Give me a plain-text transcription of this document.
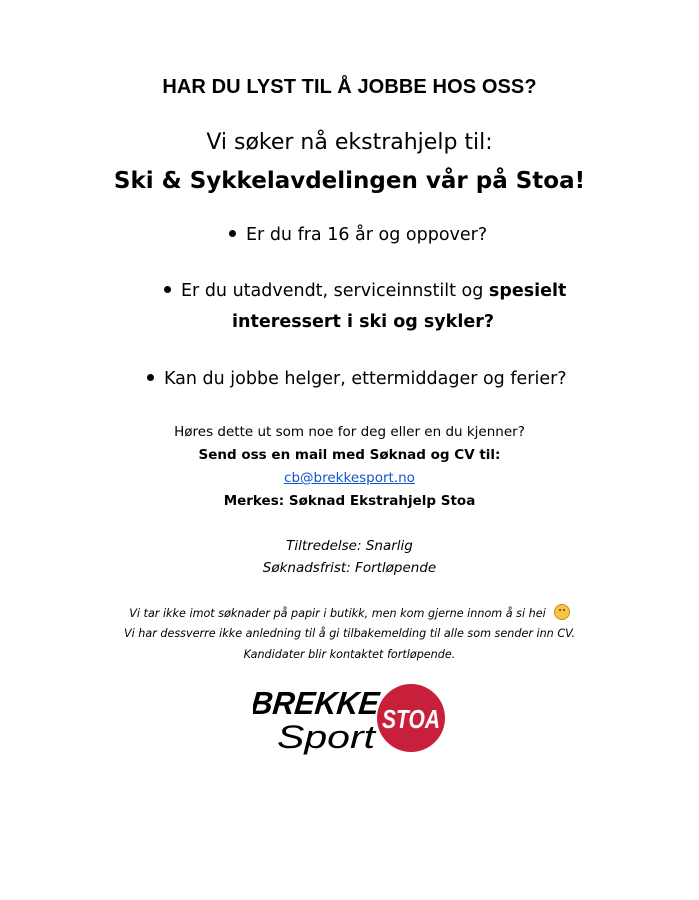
HAR DU LYST TIL Å JOBBE HOS OSS?
Vi søker nå ekstrahjelp til:
Ski & Sykkelavdelingen vår på Stoa!
Er du fra 16 år og oppover?
Er du utadvendt, serviceinnstilt og spesielt
interessert i ski og sykler?
Kan du jobbe helger, ettermiddager og ferier?
Høres dette ut som noe for deg eller en du kjenner?
Send oss en mail med Søknad og CV til:
cb@brekkesport.no
Merkes: Søknad Ekstrahjelp Stoa
Tiltredelse: Snarlig
Søknadsfrist: Fortløpende
Vi tar ikke imot søknader på papir i butikk, men kom gjerne innom å si hei
Vi har dessverre ikke anledning til å gi tilbakemelding til alle som sender inn CV.
Kandidater blir kontaktet fortløpende.
BREKKE
Sport STOA
